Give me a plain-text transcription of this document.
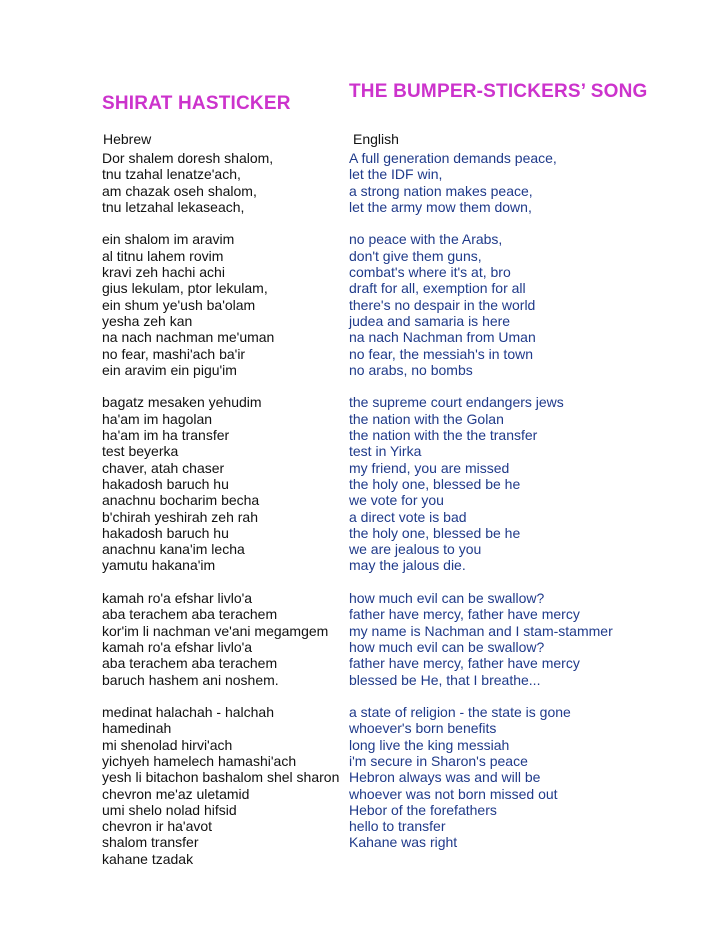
SHIRAT HASTICKER
THE BUMPER-STICKERS’ SONG
Hebrew	English
Dor shalem doresh shalom,
tnu tzahal lenatze'ach,
am chazak oseh shalom,
tnu letzahal lekaseach,
ein shalom im aravim
al titnu lahem rovim
kravi zeh hachi achi
gius lekulam, ptor lekulam,
ein shum ye'ush ba'olam
yesha zeh kan
na nach nachman me'uman
no fear, mashi'ach ba'ir
ein aravim ein pigu'im
bagatz mesaken yehudim
ha'am im hagolan
ha'am im ha transfer
test beyerka
chaver, atah chaser
hakadosh baruch hu
anachnu bocharim becha
b'chirah yeshirah zeh rah
hakadosh baruch hu
anachnu kana'im lecha
yamutu hakana'im
kamah ro'a efshar livlo'a
aba terachem aba terachem
kor'im li nachman ve'ani megamgem
kamah ro'a efshar livlo'a
aba terachem aba terachem
baruch hashem ani noshem.
medinat halachah - halchah
hamedinah
mi shenolad hirvi'ach
yichyeh hamelech hamashi'ach
yesh li bitachon bashalom shel sharon
chevron me'az uletamid
umi shelo nolad hifsid
chevron ir ha'avot
shalom transfer
kahane tzadak
A full generation demands peace,
let the IDF win,
a strong nation makes peace,
let the army mow them down,
no peace with the Arabs,
don't give them guns,
combat's where it's at, bro
draft for all, exemption for all
there's no despair in the world
judea and samaria is here
na nach Nachman from Uman
no fear, the messiah's in town
no arabs, no bombs
the supreme court endangers jews
the nation with the Golan
the nation with the the transfer
test in Yirka
my friend, you are missed
the holy one, blessed be he
we vote for you
a direct vote is bad
the holy one, blessed be he
we are jealous to you
may the jalous die.
how much evil can be swallow?
father have mercy, father have mercy
my name is Nachman and I stam-stammer
how much evil can be swallow?
father have mercy, father have mercy
blessed be He, that I breathe...
a state of religion - the state is gone
whoever's born benefits
long live the king messiah
i'm secure in Sharon's peace
Hebron always was and will be
whoever was not born missed out
Hebor of the forefathers
hello to transfer
Kahane was right
